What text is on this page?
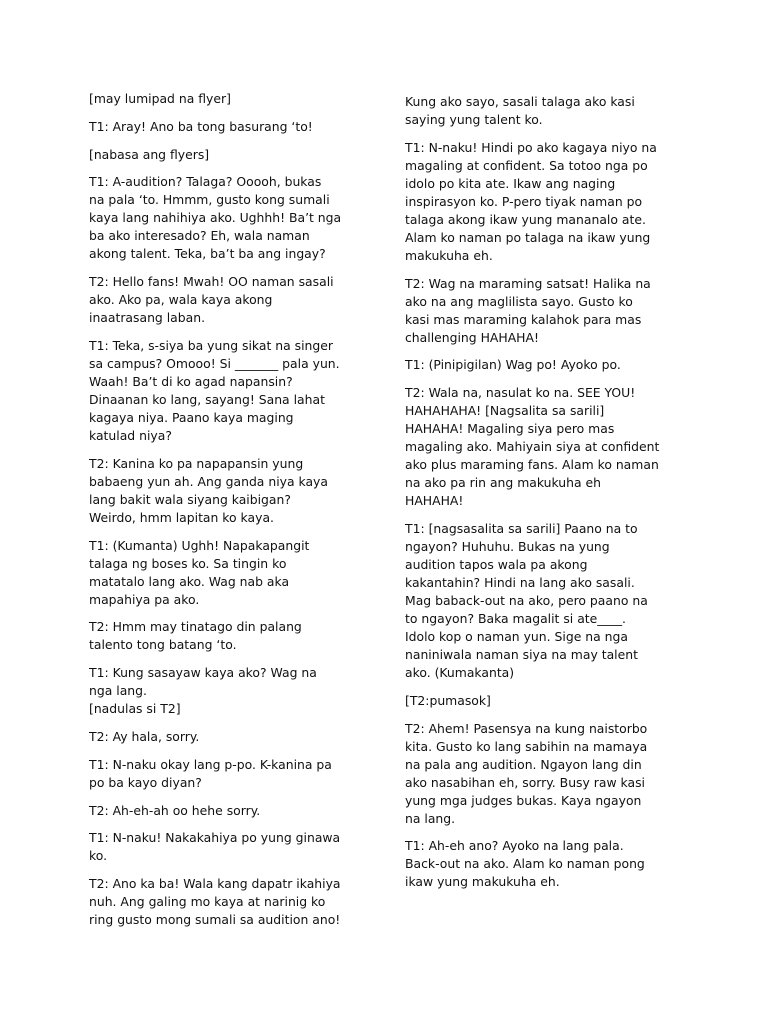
[may lumipad na flyer]

T1: Aray! Ano ba tong basurang ‘to!

[nabasa ang flyers]

T1: A-audition? Talaga? Ooooh, bukas
na pala ‘to. Hmmm, gusto kong sumali
kaya lang nahihiya ako. Ughhh! Ba’t nga
ba ako interesado? Eh, wala naman
akong talent. Teka, ba’t ba ang ingay?

T2: Hello fans! Mwah! OO naman sasali
ako. Ako pa, wala kaya akong
inaatrasang laban.

T1: Teka, s-siya ba yung sikat na singer
sa campus? Omooo! Si _______ pala yun.
Waah! Ba’t di ko agad napansin?
Dinaanan ko lang, sayang! Sana lahat
kagaya niya. Paano kaya maging
katulad niya?

T2: Kanina ko pa napapansin yung
babaeng yun ah. Ang ganda niya kaya
lang bakit wala siyang kaibigan?
Weirdo, hmm lapitan ko kaya.

T1: (Kumanta) Ughh! Napakapangit
talaga ng boses ko. Sa tingin ko
matatalo lang ako. Wag nab aka
mapahiya pa ako.

T2: Hmm may tinatago din palang
talento tong batang ‘to.

T1: Kung sasayaw kaya ako? Wag na
nga lang.
[nadulas si T2]

T2: Ay hala, sorry.

T1: N-naku okay lang p-po. K-kanina pa
po ba kayo diyan?

T2: Ah-eh-ah oo hehe sorry.

T1: N-naku! Nakakahiya po yung ginawa
ko.

T2: Ano ka ba! Wala kang dapatr ikahiya
nuh. Ang galing mo kaya at narinig ko
ring gusto mong sumali sa audition ano!

Kung ako sayo, sasali talaga ako kasi
saying yung talent ko.

T1: N-naku! Hindi po ako kagaya niyo na
magaling at confident. Sa totoo nga po
idolo po kita ate. Ikaw ang naging
inspirasyon ko. P-pero tiyak naman po
talaga akong ikaw yung mananalo ate.
Alam ko naman po talaga na ikaw yung
makukuha eh.

T2: Wag na maraming satsat! Halika na
ako na ang maglilista sayo. Gusto ko
kasi mas maraming kalahok para mas
challenging HAHAHA!

T1: (Pinipigilan) Wag po! Ayoko po.

T2: Wala na, nasulat ko na. SEE YOU!
HAHAHAHA! [Nagsalita sa sarili]
HAHAHA! Magaling siya pero mas
magaling ako. Mahiyain siya at confident
ako plus maraming fans. Alam ko naman
na ako pa rin ang makukuha eh
HAHAHA!

T1: [nagsasalita sa sarili] Paano na to
ngayon? Huhuhu. Bukas na yung
audition tapos wala pa akong
kakantahin? Hindi na lang ako sasali.
Mag baback-out na ako, pero paano na
to ngayon? Baka magalit si ate____.
Idolo kop o naman yun. Sige na nga
naniniwala naman siya na may talent
ako. (Kumakanta)

[T2:pumasok]

T2: Ahem! Pasensya na kung naistorbo
kita. Gusto ko lang sabihin na mamaya
na pala ang audition. Ngayon lang din
ako nasabihan eh, sorry. Busy raw kasi
yung mga judges bukas. Kaya ngayon
na lang.

T1: Ah-eh ano? Ayoko na lang pala.
Back-out na ako. Alam ko naman pong
ikaw yung makukuha eh.
